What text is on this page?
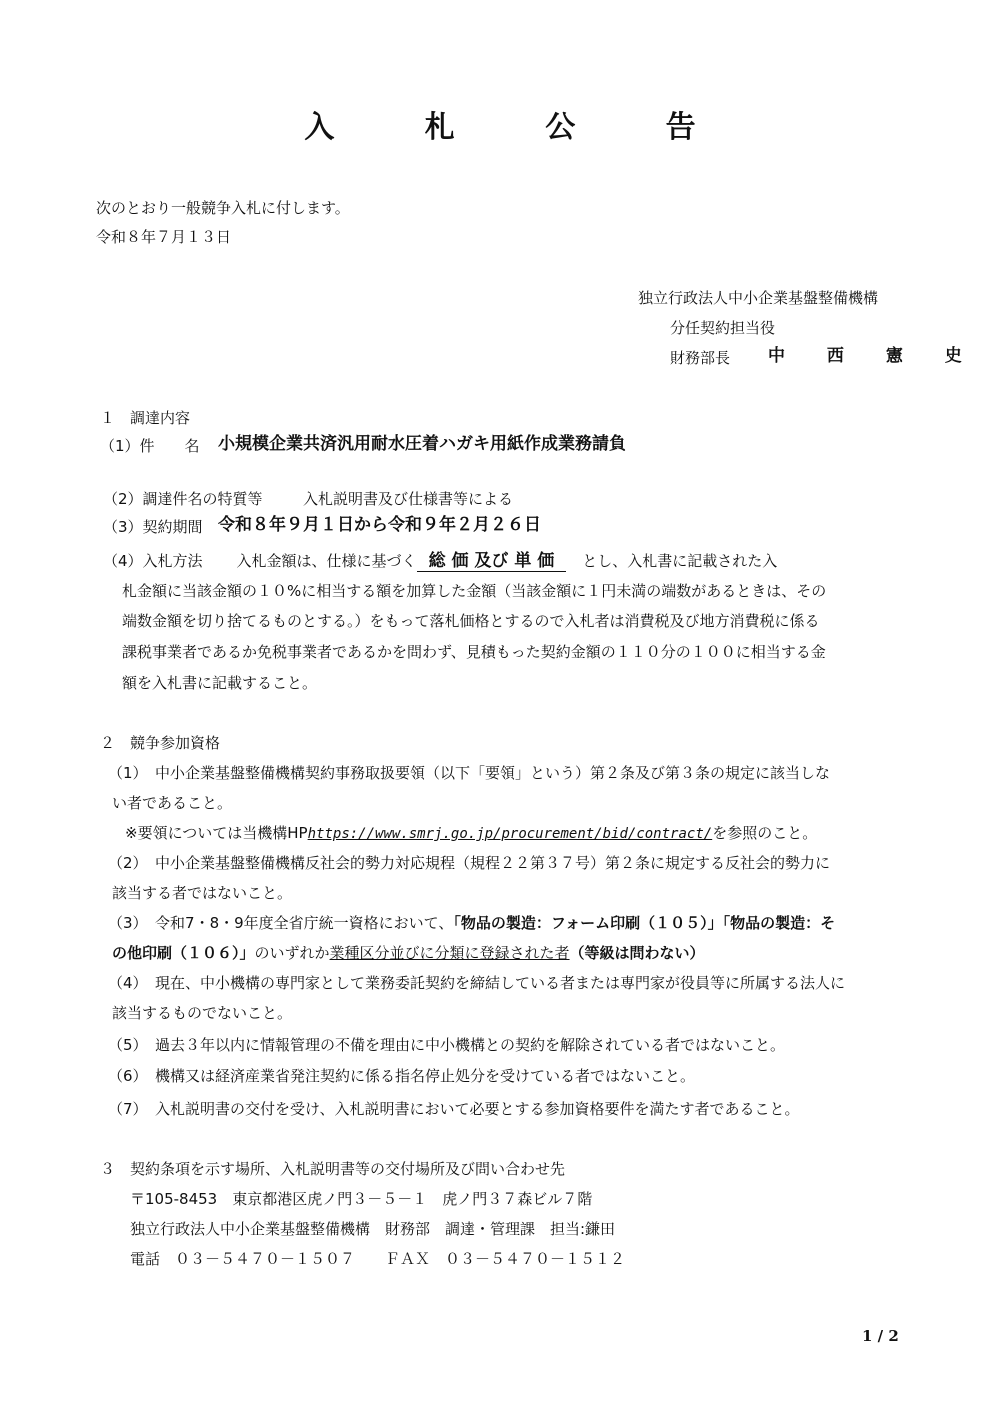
入 札 公 告
次のとおり一般競争入札に付します。
令和８年７月１３日
独立行政法人中小企業基盤整備機構
分任契約担当役
財務部長 中 西 憲 史
１　調達内容
（1）件　　名 小規模企業共済汎用耐水圧着ハガキ用紙作成業務請負
（2）調達件名の特質等	入札説明書及び仕様書等による
（3）契約期間 令和８年９月１日から令和９年２月２６日
（4）入札方法 入札金額は、仕様に基づく 総 価 及び 単 価 とし、入札書に記載された入
札金額に当該金額の１０%に相当する額を加算した金額（当該金額に１円未満の端数があるときは、その
端数金額を切り捨てるものとする。）をもって落札価格とするので入札者は消費税及び地方消費税に係る
課税事業者であるか免税事業者であるかを問わず、見積もった契約金額の１１０分の１００に相当する金
額を入札書に記載すること。
２　競争参加資格
（1）　中小企業基盤整備機構契約事務取扱要領（以下「要領」という）第２条及び第３条の規定に該当しな
い者であること。
※要領については当機構HPhttps://www.smrj.go.jp/procurement/bid/contract/を参照のこと。
（2）　中小企業基盤整備機構反社会的勢力対応規程（規程２２第３７号）第２条に規定する反社会的勢力に
該当する者ではないこと。
（3）　令和7・8・9年度全省庁統一資格において、「物品の製造：フォーム印刷（１０５）」「物品の製造：そ
の他印刷（１０６）」のいずれか業種区分並びに分類に登録された者（等級は問わない）
（4）　現在、中小機構の専門家として業務委託契約を締結している者または専門家が役員等に所属する法人に
該当するものでないこと。
（5）　過去３年以内に情報管理の不備を理由に中小機構との契約を解除されている者ではないこと。
（6）　機構又は経済産業省発注契約に係る指名停止処分を受けている者ではないこと。
（7）　入札説明書の交付を受け、入札説明書において必要とする参加資格要件を満たす者であること。
３　契約条項を示す場所、入札説明書等の交付場所及び問い合わせ先
〒105-8453　東京都港区虎ノ門３－５－１　虎ノ門３７森ビル７階
独立行政法人中小企業基盤整備機構　財務部　調達・管理課　担当:鎌田
電話　０３－５４７０－１５０７　　ＦＡＸ　０３－５４７０－１５１２
1 / 2
